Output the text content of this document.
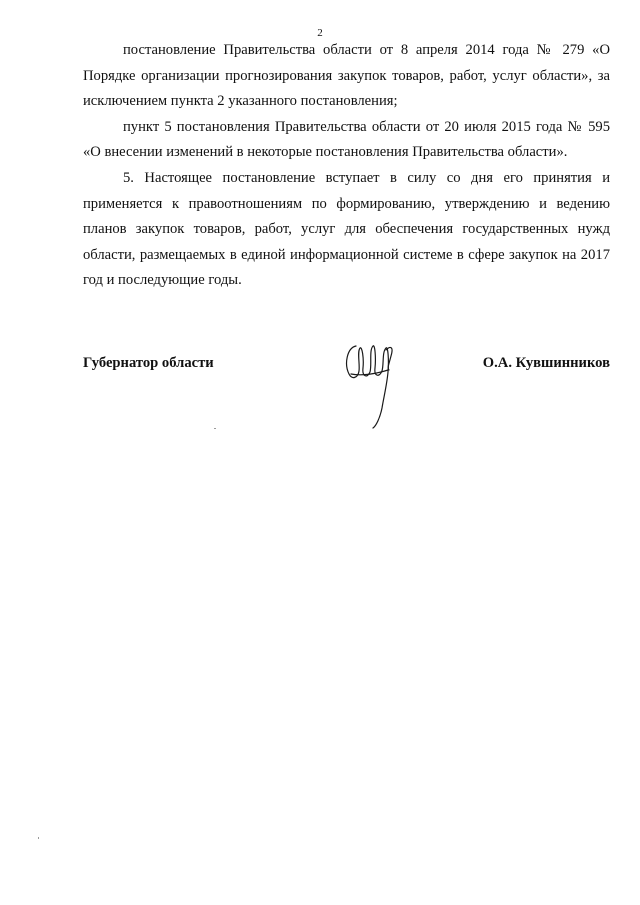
2

постановление Правительства области от 8 апреля 2014 года № 279 «О Порядке организации прогнозирования закупок товаров, работ, услуг области», за исключением пункта 2 указанного постановления;

пункт 5 постановления Правительства области от 20 июля 2015 года № 595 «О внесении изменений в некоторые постановления Правительства области».

5. Настоящее постановление вступает в силу со дня его принятия и применяется к правоотношениям по формированию, утверждению и ведению планов закупок товаров, работ, услуг для обеспечения государственных нужд области, размещаемых в единой информационной системе в сфере закупок на 2017 год и последующие годы.

Губернатор области	О.А. Кувшинников
